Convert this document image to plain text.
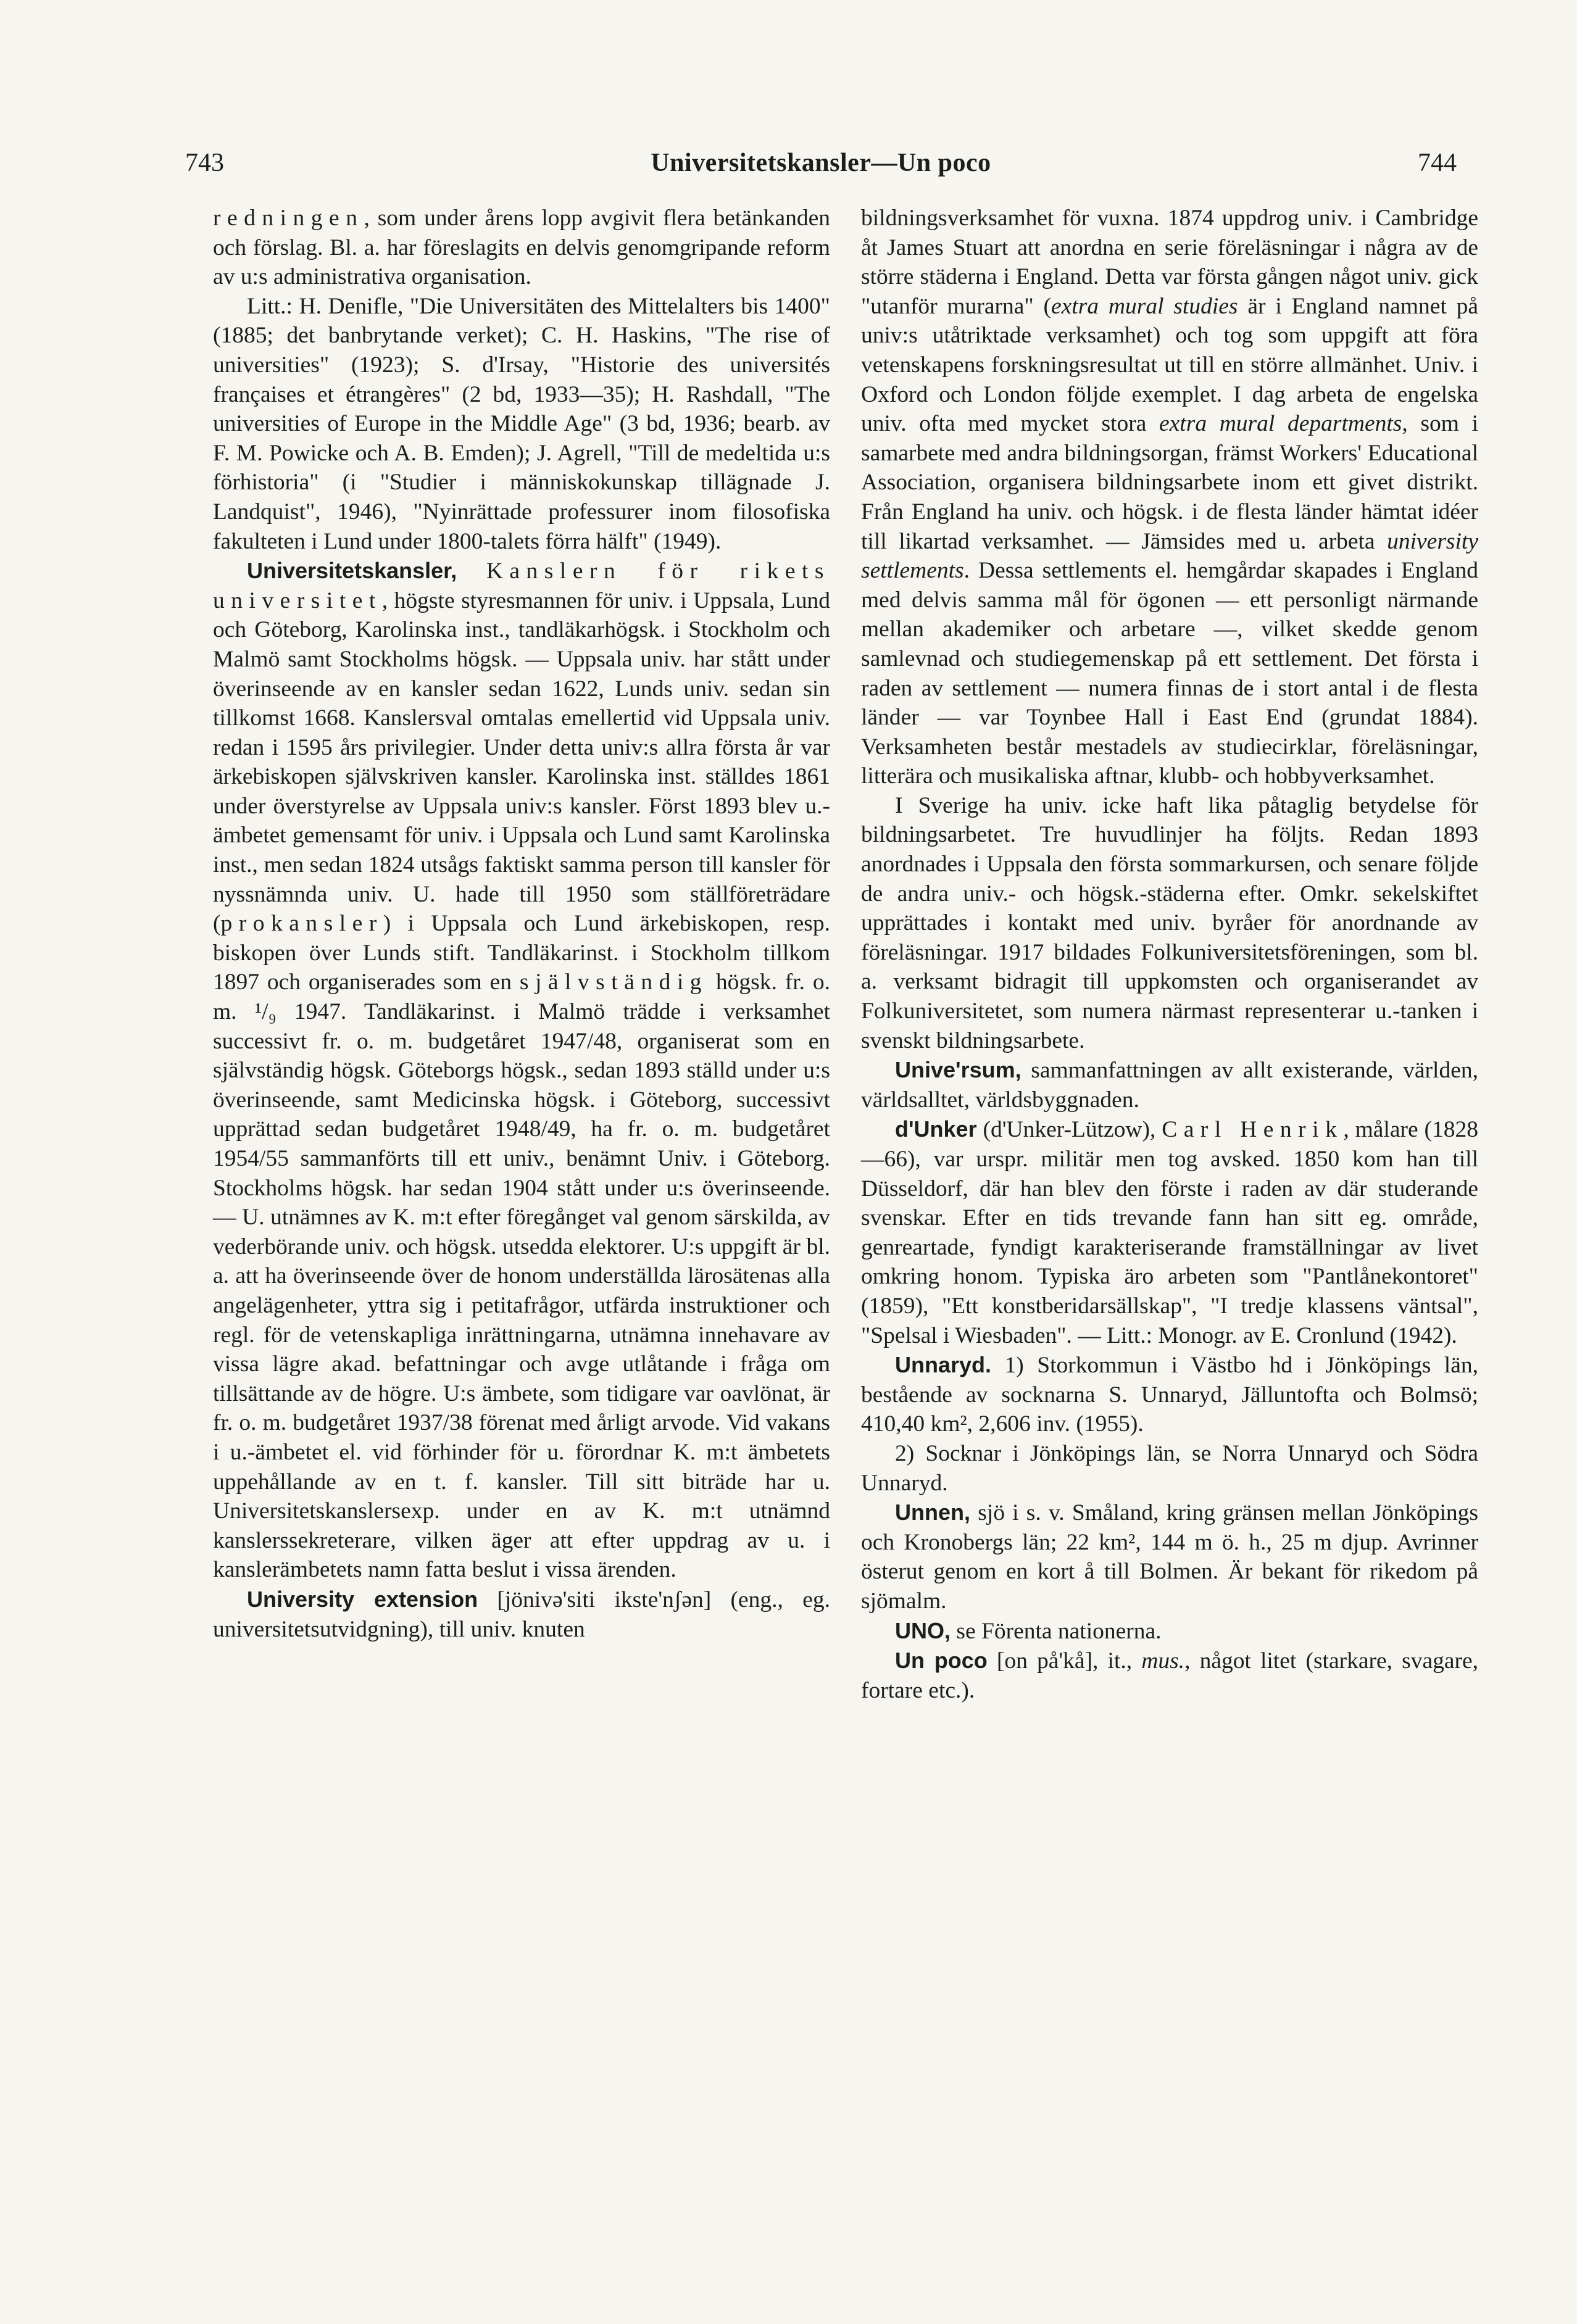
743	Universitetskansler—Un poco	744

redningen, som under årens lopp avgivit flera betänkanden och förslag. Bl. a. har föreslagits en delvis genomgripande reform av u:s administrativa organisation.

Litt.: H. Denifle, "Die Universitäten des Mittelalters bis 1400" (1885; det banbrytande verket); C. H. Haskins, "The rise of universities" (1923); S. d'Irsay, "Historie des universités françaises et étrangères" (2 bd, 1933—35); H. Rashdall, "The universities of Europe in the Middle Age" (3 bd, 1936; bearb. av F. M. Powicke och A. B. Emden); J. Agrell, "Till de medeltida u:s förhistoria" (i "Studier i människokunskap tillägnade J. Landquist", 1946), "Nyinrättade professurer inom filosofiska fakulteten i Lund under 1800-talets förra hälft" (1949).

Universitetskansler, Kanslern för rikets universitet, högste styresmannen för univ. i Uppsala, Lund och Göteborg, Karolinska inst., tandläkarhögsk. i Stockholm och Malmö samt Stockholms högsk. — Uppsala univ. har stått under överinseende av en kansler sedan 1622, Lunds univ. sedan sin tillkomst 1668. Kanslersval omtalas emellertid vid Uppsala univ. redan i 1595 års privilegier. Under detta univ:s allra första år var ärkebiskopen självskriven kansler. Karolinska inst. ställdes 1861 under överstyrelse av Uppsala univ:s kansler. Först 1893 blev u.-ämbetet gemensamt för univ. i Uppsala och Lund samt Karolinska inst., men sedan 1824 utsågs faktiskt samma person till kansler för nyssnämnda univ. U. hade till 1950 som ställföreträdare (prokansler) i Uppsala och Lund ärkebiskopen, resp. biskopen över Lunds stift. Tandläkarinst. i Stockholm tillkom 1897 och organiserades som en självständig högsk. fr. o. m. ¹/₉ 1947. Tandläkarinst. i Malmö trädde i verksamhet successivt fr. o. m. budgetåret 1947/48, organiserat som en självständig högsk. Göteborgs högsk., sedan 1893 ställd under u:s överinseende, samt Medicinska högsk. i Göteborg, successivt upprättad sedan budgetåret 1948/49, ha fr. o. m. budgetåret 1954/55 sammanförts till ett univ., benämnt Univ. i Göteborg. Stockholms högsk. har sedan 1904 stått under u:s överinseende. — U. utnämnes av K. m:t efter föregånget val genom särskilda, av vederbörande univ. och högsk. utsedda elektorer. U:s uppgift är bl. a. att ha överinseende över de honom underställda lärosätenas alla angelägenheter, yttra sig i petitafrågor, utfärda instruktioner och regl. för de vetenskapliga inrättningarna, utnämna innehavare av vissa lägre akad. befattningar och avge utlåtande i fråga om tillsättande av de högre. U:s ämbete, som tidigare var oavlönat, är fr. o. m. budgetåret 1937/38 förenat med årligt arvode. Vid vakans i u.-ämbetet el. vid förhinder för u. förordnar K. m:t ämbetets uppehållande av en t. f. kansler. Till sitt biträde har u. Universitetskanslersexp. under en av K. m:t utnämnd kanslerssekreterare, vilken äger att efter uppdrag av u. i kanslerämbetets namn fatta beslut i vissa ärenden.

University extension [jönivə'siti ikste'nʃən] (eng., eg. universitetsutvidgning), till univ. knuten

bildningsverksamhet för vuxna. 1874 uppdrog univ. i Cambridge åt James Stuart att anordna en serie föreläsningar i några av de större städerna i England. Detta var första gången något univ. gick "utanför murarna" (extra mural studies är i England namnet på univ:s utåtriktade verksamhet) och tog som uppgift att föra vetenskapens forskningsresultat ut till en större allmänhet. Univ. i Oxford och London följde exemplet. I dag arbeta de engelska univ. ofta med mycket stora extra mural departments, som i samarbete med andra bildningsorgan, främst Workers' Educational Association, organisera bildningsarbete inom ett givet distrikt. Från England ha univ. och högsk. i de flesta länder hämtat idéer till likartad verksamhet. — Jämsides med u. arbeta university settlements. Dessa settlements el. hemgårdar skapades i England med delvis samma mål för ögonen — ett personligt närmande mellan akademiker och arbetare —, vilket skedde genom samlevnad och studiegemenskap på ett settlement. Det första i raden av settlement — numera finnas de i stort antal i de flesta länder — var Toynbee Hall i East End (grundat 1884). Verksamheten består mestadels av studiecirklar, föreläsningar, litterära och musikaliska aftnar, klubb- och hobbyverksamhet.

I Sverige ha univ. icke haft lika påtaglig betydelse för bildningsarbetet. Tre huvudlinjer ha följts. Redan 1893 anordnades i Uppsala den första sommarkursen, och senare följde de andra univ.- och högsk.-städerna efter. Omkr. sekelskiftet upprättades i kontakt med univ. byråer för anordnande av föreläsningar. 1917 bildades Folkuniversitetsföreningen, som bl. a. verksamt bidragit till uppkomsten och organiserandet av Folkuniversitetet, som numera närmast representerar u.-tanken i svenskt bildningsarbete.

Unive'rsum, sammanfattningen av allt existerande, världen, världsalltet, världsbyggnaden.

d'Unker (d'Unker-Lützow), Carl Henrik, målare (1828—66), var urspr. militär men tog avsked. 1850 kom han till Düsseldorf, där han blev den förste i raden av där studerande svenskar. Efter en tids trevande fann han sitt eg. område, genreartade, fyndigt karakteriserande framställningar av livet omkring honom. Typiska äro arbeten som "Pantlånekontoret" (1859), "Ett konstberidarsällskap", "I tredje klassens väntsal", "Spelsal i Wiesbaden". — Litt.: Monogr. av E. Cronlund (1942).

Unnaryd. 1) Storkommun i Västbo hd i Jönköpings län, bestående av socknarna S. Unnaryd, Jälluntofta och Bolmsö; 410,40 km², 2,606 inv. (1955).

2) Socknar i Jönköpings län, se Norra Unnaryd och Södra Unnaryd.

Unnen, sjö i s. v. Småland, kring gränsen mellan Jönköpings och Kronobergs län; 22 km², 144 m ö. h., 25 m djup. Avrinner österut genom en kort å till Bolmen. Är bekant för rikedom på sjömalm.

UNO, se Förenta nationerna.

Un poco [on på'kå], it., mus., något litet (starkare, svagare, fortare etc.).
